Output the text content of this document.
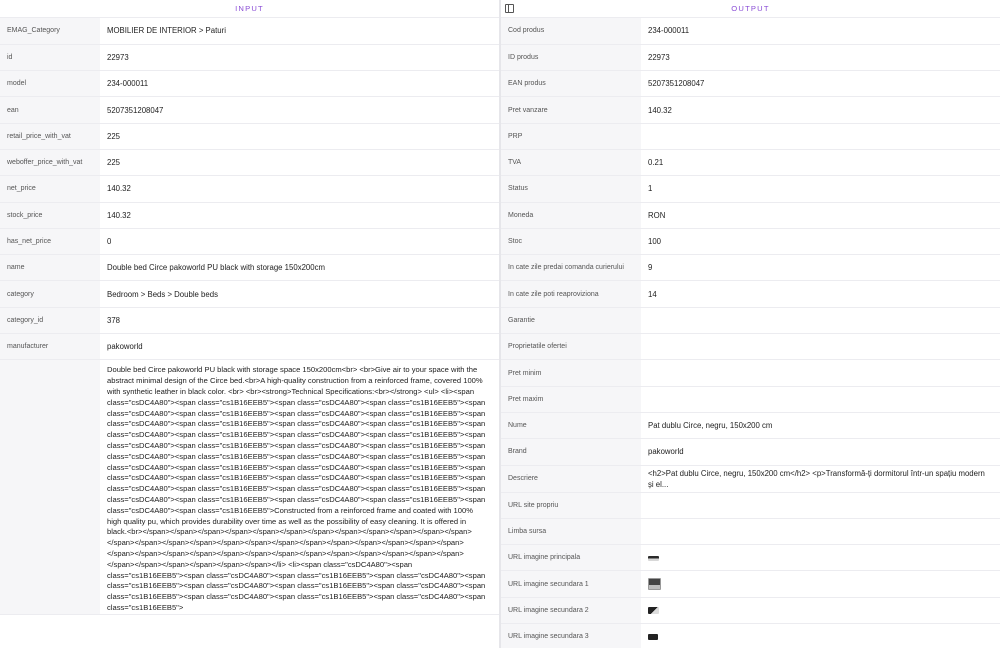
INPUT
EMAG_Category	MOBILIER DE INTERIOR > Paturi
id	22973
model	234-000011
ean	5207351208047
retail_price_with_vat	225
weboffer_price_with_vat	225
net_price	140.32
stock_price	140.32
has_net_price	0
name	Double bed Circe pakoworld PU black with storage 150x200cm
category	Bedroom > Beds > Double beds
category_id	378
manufacturer	pakoworld
	Double bed Circe pakoworld PU black with storage space 150x200cm<br> <br>Give air to your space with the abstract minimal design of the Circe bed.<br>A high-quality construction from a reinforced frame, covered 100% with synthetic leather in black color. <br> <br><strong>Technical Specifications:<br></strong> <ul> <li><span class="csDC4A80"><span class="cs1B16EEB5"><span class="csDC4A80"><span class="cs1B16EEB5"><span class="csDC4A80"><span class="cs1B16EEB5"><span class="csDC4A80"><span class="cs1B16EEB5"><span class="csDC4A80"><span class="cs1B16EEB5"><span class="csDC4A80"><span class="cs1B16EEB5"><span class="csDC4A80"><span class="cs1B16EEB5"><span class="csDC4A80"><span class="cs1B16EEB5"><span class="csDC4A80"><span class="cs1B16EEB5"><span class="csDC4A80"><span class="cs1B16EEB5"><span class="csDC4A80"><span class="cs1B16EEB5"><span class="csDC4A80"><span class="cs1B16EEB5"><span class="csDC4A80"><span class="cs1B16EEB5"><span class="csDC4A80"><span class="cs1B16EEB5"><span class="csDC4A80"><span class="cs1B16EEB5"><span class="csDC4A80"><span class="cs1B16EEB5"><span class="csDC4A80"><span class="cs1B16EEB5"><span class="csDC4A80"><span class="cs1B16EEB5"><span class="csDC4A80"><span class="cs1B16EEB5"><span class="csDC4A80"><span class="cs1B16EEB5"><span class="csDC4A80"><span class="cs1B16EEB5">Constructed from a reinforced frame and coated with 100% high quality pu, which provides durability over time as well as the possibility of easy cleaning. It is offered in black.<br></span></span></span></span></span></span></span></span></span></span></span></span></span></span></span></span></span></span></span></span></span></span></span></span></span></span></span></span></span></span></span></span></span></span></span></span></span></span></span></span></span></span></span></span></li> <li><span class="csDC4A80"><span class="cs1B16EEB5"><span class="csDC4A80"><span class="cs1B16EEB5"><span class="csDC4A80"><span class="cs1B16EEB5"><span class="csDC4A80"><span class="cs1B16EEB5"><span class="csDC4A80"><span class="cs1B16EEB5"><span class="csDC4A80"><span class="cs1B16EEB5"><span class="csDC4A80"><span class="cs1B16EEB5">
OUTPUT
Cod produs	234-000011
ID produs	22973
EAN produs	5207351208047
Pret vanzare	140.32
PRP	
TVA	0.21
Status	1
Moneda	RON
Stoc	100
In cate zile predai comanda curierului	9
In cate zile poti reaproviziona	14
Garantie	
Proprietatile ofertei	
Pret minim	
Pret maxim	
Nume	Pat dublu Circe, negru, 150x200 cm
Brand	pakoworld
Descriere	<h2>Pat dublu Circe, negru, 150x200 cm</h2> <p>Transformă-ți dormitorul într-un spațiu modern și el...
URL site propriu	
Limba sursa	
URL imagine principala	
URL imagine secundara 1	
URL imagine secundara 2	
URL imagine secundara 3	
